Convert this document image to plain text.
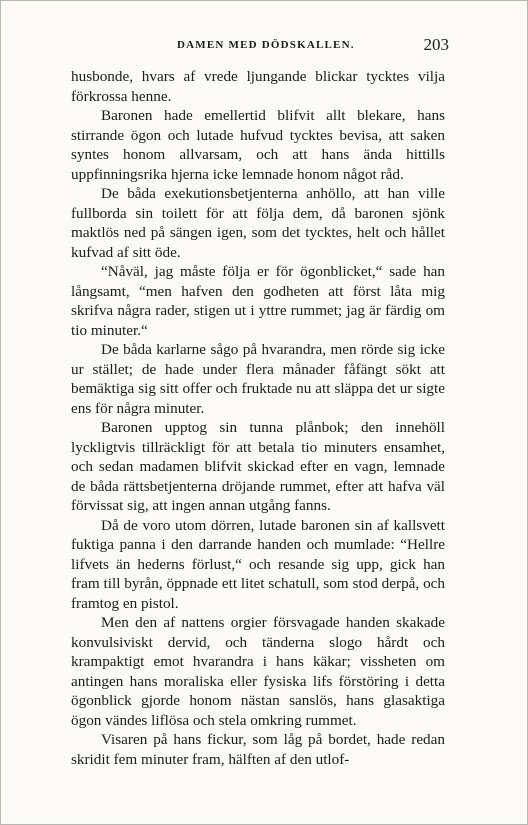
DAMEN MED DÖDSKALLEN.	203

husbonde, hvars af vrede ljungande blickar tycktes vilja förkrossa henne.

Baronen hade emellertid blifvit allt blekare, hans stirrande ögon och lutade hufvud tycktes bevisa, att saken syntes honom allvarsam, och att hans ända hittills uppfinningsrika hjerna icke lemnade honom något råd.

De båda exekutionsbetjenterna anhöllo, att han ville fullborda sin toilett för att följa dem, då baronen sjönk maktlös ned på sängen igen, som det tycktes, helt och hållet kufvad af sitt öde.

“Nåväl, jag måste följa er för ögonblicket,“ sade han långsamt, “men hafven den godheten att först låta mig skrifva några rader, stigen ut i yttre rummet; jag är färdig om tio minuter.“

De båda karlarne sågo på hvarandra, men rörde sig icke ur stället; de hade under flera månader fåfängt sökt att bemäktiga sig sitt offer och fruktade nu att släppa det ur sigte ens för några minuter.

Baronen upptog sin tunna plånbok; den innehöll lyckligtvis tillräckligt för att betala tio minuters ensamhet, och sedan madamen blifvit skickad efter en vagn, lemnade de båda rättsbetjenterna dröjande rummet, efter att hafva väl förvissat sig, att ingen annan utgång fanns.

Då de voro utom dörren, lutade baronen sin af kallsvett fuktiga panna i den darrande handen och mumlade: “Hellre lifvets än hederns förlust,“ och resande sig upp, gick han fram till byrån, öppnade ett litet schatull, som stod derpå, och framtog en pistol.

Men den af nattens orgier försvagade handen skakade konvulsiviskt dervid, och tänderna slogo hårdt och krampaktigt emot hvarandra i hans käkar; vissheten om antingen hans moraliska eller fysiska lifs förstöring i detta ögonblick gjorde honom nästan sanslös, hans glasaktiga ögon vändes liflösa och stela omkring rummet.

Visaren på hans fickur, som låg på bordet, hade redan skridit fem minuter fram, hälften af den utlof-
